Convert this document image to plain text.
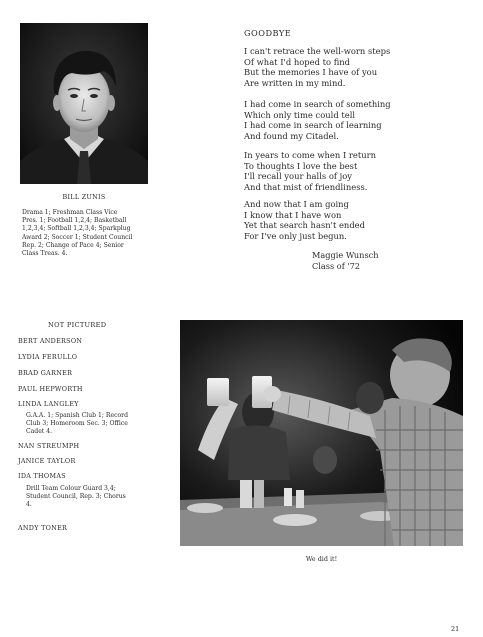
BILL ZUNIS
Drama 1; Freshman Class Vice
Pres. 1; Football 1,2,4; Basketball
1,2,3,4; Softball 1,2,3,4; Sparkplug
Award 2; Soccer 1; Student Council
Rep. 2; Change of Pace 4; Senior
Class Treas. 4.
GOODBYE
I can't retrace the well-worn steps
Of what I'd hoped to find
But the memories I have of you
Are written in my mind.
I had come in search of something
Which only time could tell
I had come in search of learning
And found my Citadel.
In years to come when I return
To thoughts I love the best
I'll recall your halls of joy
And that mist of friendliness.
And now that I am going
I know that I have won
Yet that search hasn't ended
For I've only just begun.
Maggie Wunsch
Class of '72
NOT PICTURED
BERT ANDERSON
LYDIA FERULLO
BRAD GARNER
PAUL HEPWORTH
LINDA LANGLEY
G.A.A. 1; Spanish Club 1; Record
Club 3; Homeroom Sec. 3; Office
Cadet 4.
NAN STREUMPH
JANICE TAYLOR
IDA THOMAS
Drill Team Colour Guard 3,4;
Student Council, Rep. 3; Chorus
4.
ANDY TONER
We did it!
21
